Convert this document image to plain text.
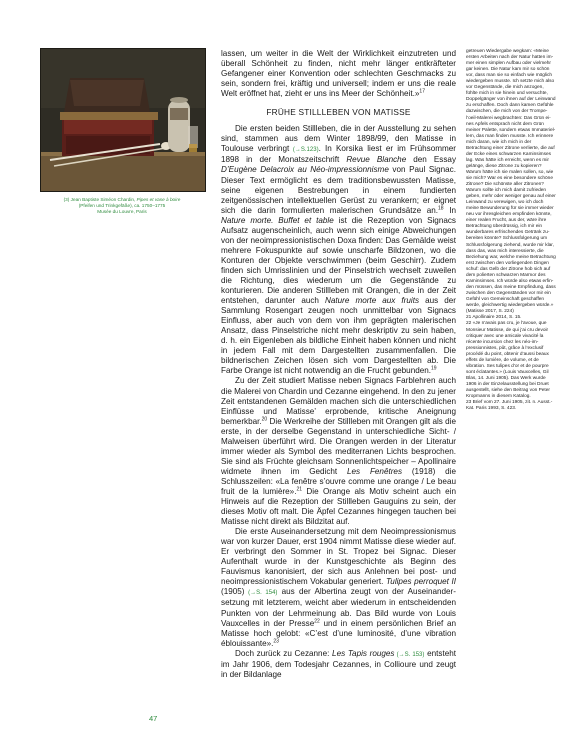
(3) Jean Baptiste Siméon Chardin, Pipes et vase à boire
(Pfeifen und Trinkgefäße), ca. 1750–1775
Musée du Louvre, Paris

lassen, um weiter in die Welt der Wirklichkeit einzutreten und überall Schönheit zu finden, nicht mehr länger entkräfteter Gefangener einer Konvention oder schlechten Geschmacks zu sein, sondern frei, kräftig und universell; indem er uns die reale Welt eröffnet hat, zieht er uns ins Meer der Schönheit.»$^{17}$

FRÜHE STILLLEBEN VON MATISSE

Die ersten beiden Stillleben, die in der Ausstellung zu sehen sind, stammen aus dem Winter 1898/99, den Matisse in Toulouse verbringt (→S.123). In Korsika liest er im Frühsommer 1898 in der Monatszeitschrift Revue Blanche den Essay D’Eugène Delacroix au Néo-impressionnisme von Paul Signac. Dieser Text ermöglicht es dem traditionsbewussten Matisse, seine eigenen Bestrebungen in einem fundierten zeitgenössischen intellektuellen Gerüst zu verankern; er eignet sich die darin formulierten malerischen Grundsätze an.$^{18}$ In Nature morte. Buffet et table ist die Rezeption von Signacs Aufsatz augenscheinlich, auch wenn sich einige Abweichungen von der neoimpressionistischen Doxa finden: Das Gemälde weist mehrere Fokuspunkte auf sowie unscharfe Bildzonen, wo die Konturen der Objekte verschwimmen (beim Geschirr). Zudem finden sich Umrisslinien und der Pinselstrich wechselt zuweilen die Richtung, dies wiederum um die Gegenstände zu konturieren. Die anderen Stillleben mit Orangen, die in der Zeit entstehen, darunter auch Nature morte aux fruits aus der Sammlung Rosengart zeugen noch unmittelbar von Signacs Einfluss, aber auch von dem von ihm geprägten malerischen Ansatz, dass Pinselstriche nicht mehr deskriptiv zu sein haben, d. h. ein Eigenleben als bildliche Einheit haben können und nicht in jedem Fall mit dem Dargestellten zusammenfallen. Die bildnerischen Zeichen lösen sich vom Dargestellten ab. Die Farbe Orange ist nicht notwendig an die Frucht gebunden.$^{19}$

Zu der Zeit studiert Matisse neben Signacs Farblehren auch die Malerei von Chardin und Cezanne eingehend. In den zu jener Zeit entstandenen Gemälden machen sich die unterschiedlichen Einflüsse und Matisse’ erprobende, kritische Aneignung bemerkbar.$^{20}$ Die Werkreihe der Stillleben mit Orangen gilt als die erste, in der derselbe Gegenstand in unterschiedliche Sicht- / Malweisen überführt wird. Die Orangen werden in der Literatur immer wieder als Symbol des mediterranen Lichts besprochen. Sie sind als Früchte gleichsam Sonnenlichtspeicher – Apollinaire widmete ihnen im Gedicht Les Fenêtres (1918) die Schlusszeilen: «La fenêtre s’ouvre comme une orange / Le beau fruit de la lumière».$^{21}$ Die Orange als Motiv scheint auch ein Hinweis auf die Rezeption der Stillleben Gauguins zu sein, der dieses Motiv oft malt. Die Äpfel Cezannes hingegen tauchen bei Matisse nicht direkt als Bildzitat auf.

Die erste Auseinandersetzung mit dem Neoimpressionismus war von kurzer Dauer, erst 1904 nimmt Matisse diese wieder auf. Er verbringt den Sommer in St. Tropez bei Signac. Dieser Aufenthalt wurde in der Kunstgeschichte als Beginn des Fauvismus kanonisiert, der sich aus Anlehnen bei post- und neoimpressionistischem Vokabular generiert. Tulipes perroquet II (1905) (→S. 154) aus der Albertina zeugt von der Auseinandersetzung mit letzterem, weicht aber wiederum in entscheidenden Punkten von der Lehrmeinung ab. Das Bild wurde von Louis Vauxcelles in der Presse$^{22}$ und in einem persönlichen Brief an Matisse hoch gelobt: «C’est d’une luminosité, d’une vibration éblouissante».$^{23}$

Doch zurück zu Cezanne: Les Tapis rouges (→S. 153) entsteht im Jahr 1906, dem Todesjahr Cezannes, in Collioure und zeugt in der Bildanlage

getreuen Wiedergabe wegkam: «Meine ersten Arbeiten nach der Natur hatten immer einen simplen Aufbau oder vielmehr gar keinen. Die Natur kam mir so schön vor, dass man sie so einfach wie möglich wiedergeben musste. Ich setzte mich also vor Gegenstände, die mich anzogen, fühlte mich in sie hinein und versuchte, Doppelgänger von ihnen auf der Leinwand zu erschaffen. Doch dann kamen Gefühle dazwischen, die mich von der Trompe-l’oeil-Malerei wegbrachten: Das Grün eines Apfels entsprach nicht dem Grün meiner Palette, sondern etwas Immateriellem, das man finden musste. Ich erinnere mich daran, wie ich mich in der Betrachtung einer Zitrone verlierte, die auf der Ecke eines schwarzen Kaminsimses lag. Was hätte ich erreicht, wenn es mir gelänge, diese Zitrone zu kopieren? Warum hätte ich sie malen sollen, so, wie sie mich? War es eine besondere schöne Zitrone? Die schönste aller Zitronen? Warum sollte ich mich damit zufrieden geben, mehr oder weniger genau auf einer Leinwand zu verewigen, wo ich doch meine Bewunderung für sie immer wieder neu vor ihresgleichen empfinden könnte, einer realen Frucht, aus der, wäre ihre Betrachtung überdrüssig, ich mir ein wunderbares erfrischendes Getränk zubereiten könnte? Schlussfolgerung um Schlussfolgerung ziehend, wurde mir klar, dass das, was mich interessierte, die Beziehung war, welche meine Betrachtung erst zwischen den vorliegenden Dingen schuf: das Gelb der Zitrone hob sich auf dem polierten schwarzen Marmor des Kaminsimses. Ich würde also etwas erfinden müssen, das meine Empfindung, dass zwischen den Gegenständen vor mir ein Gefühl von Gemeinschaft geschaffen werde, gleichwertig wiedergeben würde.» (Matisse 2017, S. 224)

21 Apollinaire 2014, S. 15.

22 «Je n’avais pas cru, je l’avoue, que Monsieur Matisse, de qui j’ai cru devoir critiquer avec une amicale vivacité la récente incursion chez les néo-impressionnistes, pût, grâce à l’exclusif procédé du point, obtenir d’aussi beaux effets de lumière, de volume, et de vibration. Ses tulipes d’or et de pourpre sont éclatantes.» (Louis Vauxcelles, Gil Blas, 14. Juni 1905). Das Werk wurde 1906 in der Einzelausstellung bei Druet ausgestellt, siehe den Beitrag von Peter Kropmanns in diesem Katalog.

23 Brief vom 27. Juni 1905, zit. n. Ausst.-Kat. Paris 1993, S. 423.

47
